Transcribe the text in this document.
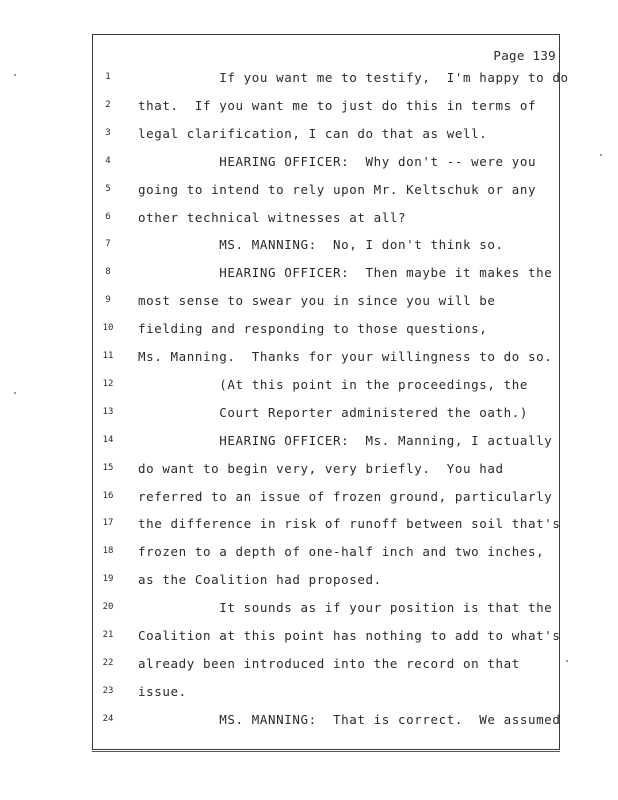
Page 139
1	If you want me to testify,  I'm happy to do
2	that.  If you want me to just do this in terms of
3	legal clarification, I can do that as well.
4	HEARING OFFICER:  Why don't -- were you
5	going to intend to rely upon Mr. Keltschuk or any
6	other technical witnesses at all?
7	MS. MANNING:  No, I don't think so.
8	HEARING OFFICER:  Then maybe it makes the
9	most sense to swear you in since you will be
10	fielding and responding to those questions,
11	Ms. Manning.  Thanks for your willingness to do so.
12	(At this point in the proceedings, the
13	Court Reporter administered the oath.)
14	HEARING OFFICER:  Ms. Manning, I actually
15	do want to begin very, very briefly.  You had
16	referred to an issue of frozen ground, particularly
17	the difference in risk of runoff between soil that's
18	frozen to a depth of one-half inch and two inches,
19	as the Coalition had proposed.
20	It sounds as if your position is that the
21	Coalition at this point has nothing to add to what's
22	already been introduced into the record on that
23	issue.
24	MS. MANNING:  That is correct.  We assumed
